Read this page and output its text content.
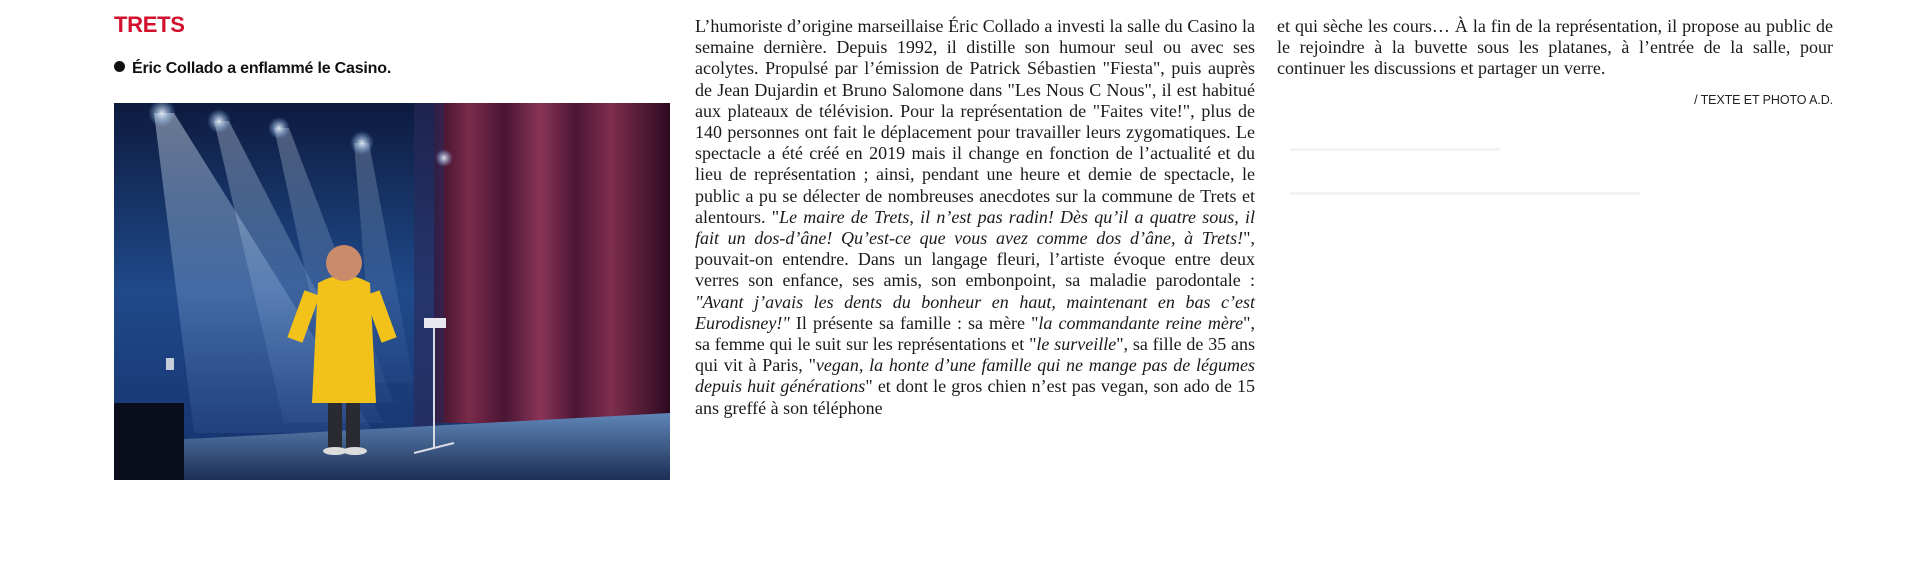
TRETS

Éric Collado a enflammé le Casino.

L’humoriste d’origine marseillaise Éric Collado a investi la salle du Casino la semaine dernière. Depuis 1992, il distille son humour seul ou avec ses acolytes. Propulsé par l’émission de Patrick Sébastien "Fiesta", puis auprès de Jean Dujardin et Bruno Salomone dans "Les Nous C Nous", il est habitué aux plateaux de télévision. Pour la représentation de "Faites vite!", plus de 140 personnes ont fait le déplacement pour travailler leurs zygomatiques. Le spectacle a été créé en 2019 mais il change en fonction de l’actualité et du lieu de représentation ; ainsi, pendant une heure et demie de spectacle, le public a pu se délecter de nombreuses anecdotes sur la commune de Trets et alentours. "Le maire de Trets, il n’est pas radin! Dès qu’il a quatre sous, il fait un dos-d’âne! Qu’est-ce que vous avez comme dos d’âne, à Trets!", pouvait-on entendre. Dans un langage fleuri, l’artiste évoque entre deux verres son enfance, ses amis, son embonpoint, sa maladie parodontale : "Avant j’avais les dents du bonheur en haut, maintenant en bas c’est Eurodisney!" Il présente sa famille : sa mère "la commandante reine mère", sa femme qui le suit sur les représentations et "le surveille", sa fille de 35 ans qui vit à Paris, "vegan, la honte d’une famille qui ne mange pas de légumes depuis huit générations" et dont le gros chien n’est pas vegan, son ado de 15 ans greffé à son téléphone

et qui sèche les cours… À la fin de la représentation, il propose au public de le rejoindre à la buvette sous les platanes, à l’entrée de la salle, pour continuer les discussions et partager un verre.

/ TEXTE ET PHOTO A.D.
